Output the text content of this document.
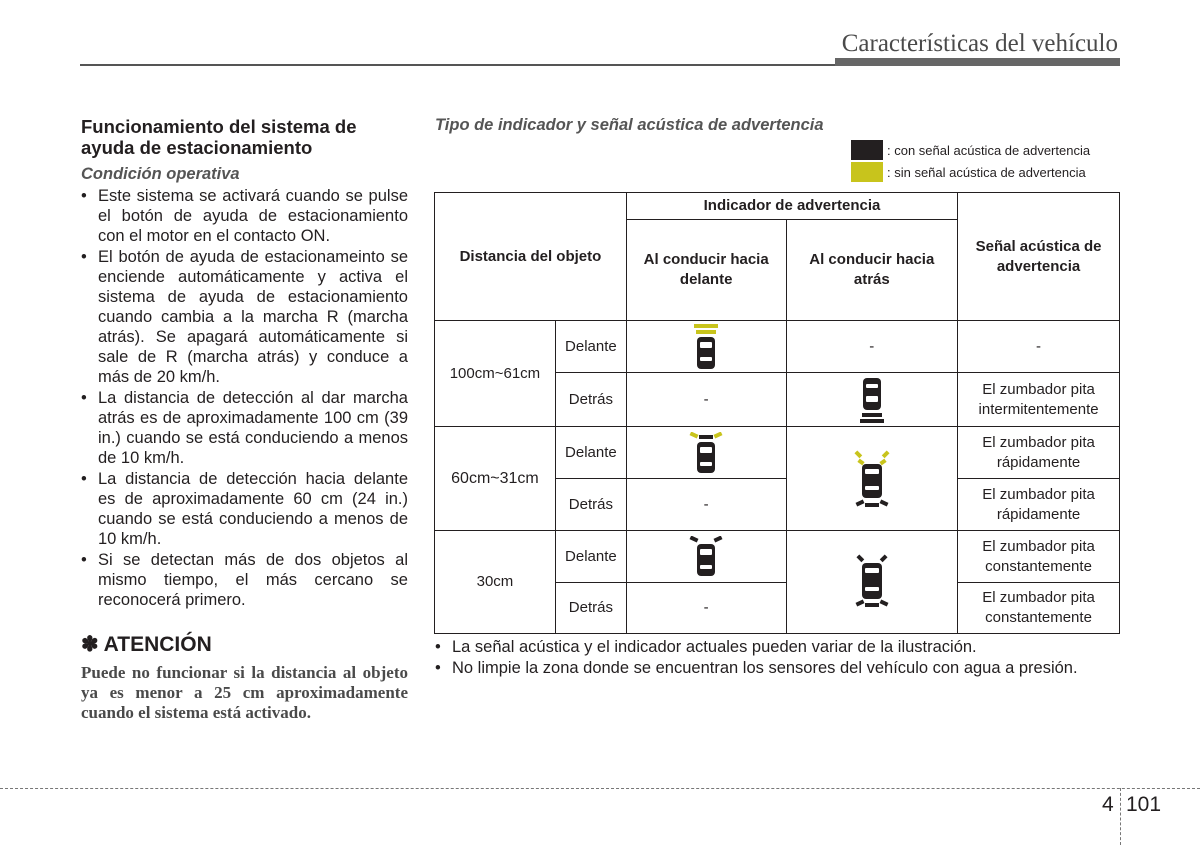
Características del vehículo
Funcionamiento del sistema de ayuda de estacionamiento
Condición operativa
• Este sistema se activará cuando se pulse el botón de ayuda de estacionamiento con el motor en el contacto ON.
• El botón de ayuda de estacionameinto se enciende automáticamente y activa el sistema de ayuda de estacionamiento cuando cambia a la marcha R (marcha atrás). Se apagará automáticamente si sale de R (marcha atrás) y conduce a más de 20 km/h.
• La distancia de detección al dar marcha atrás es de aproximadamente 100 cm (39 in.) cuando se está conduciendo a menos de 10 km/h.
• La distancia de detección hacia delante es de aproximadamente 60 cm (24 in.) cuando se está conduciendo a menos de 10 km/h.
• Si se detectan más de dos objetos al mismo tiempo, el más cercano se reconocerá primero.
✽ ATENCIÓN
Puede no funcionar si la distancia al objeto ya es menor a 25 cm aproximadamente cuando el sistema está activado.
Tipo de indicador y señal acústica de advertencia
: con señal acústica de advertencia
: sin señal acústica de advertencia
Distancia del objeto		Indicador de advertencia		Señal acústica de advertencia
		Al conducir hacia delante	Al conducir hacia atrás	
100cm~61cm	Delante		-	-
	Detrás	-		El zumbador pita intermitentemente
60cm~31cm	Delante			El zumbador pita rápidamente
	Detrás	-		El zumbador pita rápidamente
30cm	Delante			El zumbador pita constantemente
	Detrás	-		El zumbador pita constantemente
• La señal acústica y el indicador actuales pueden variar de la ilustración.
• No limpie la zona donde se encuentran los sensores del vehículo con agua a presión.
4 101
